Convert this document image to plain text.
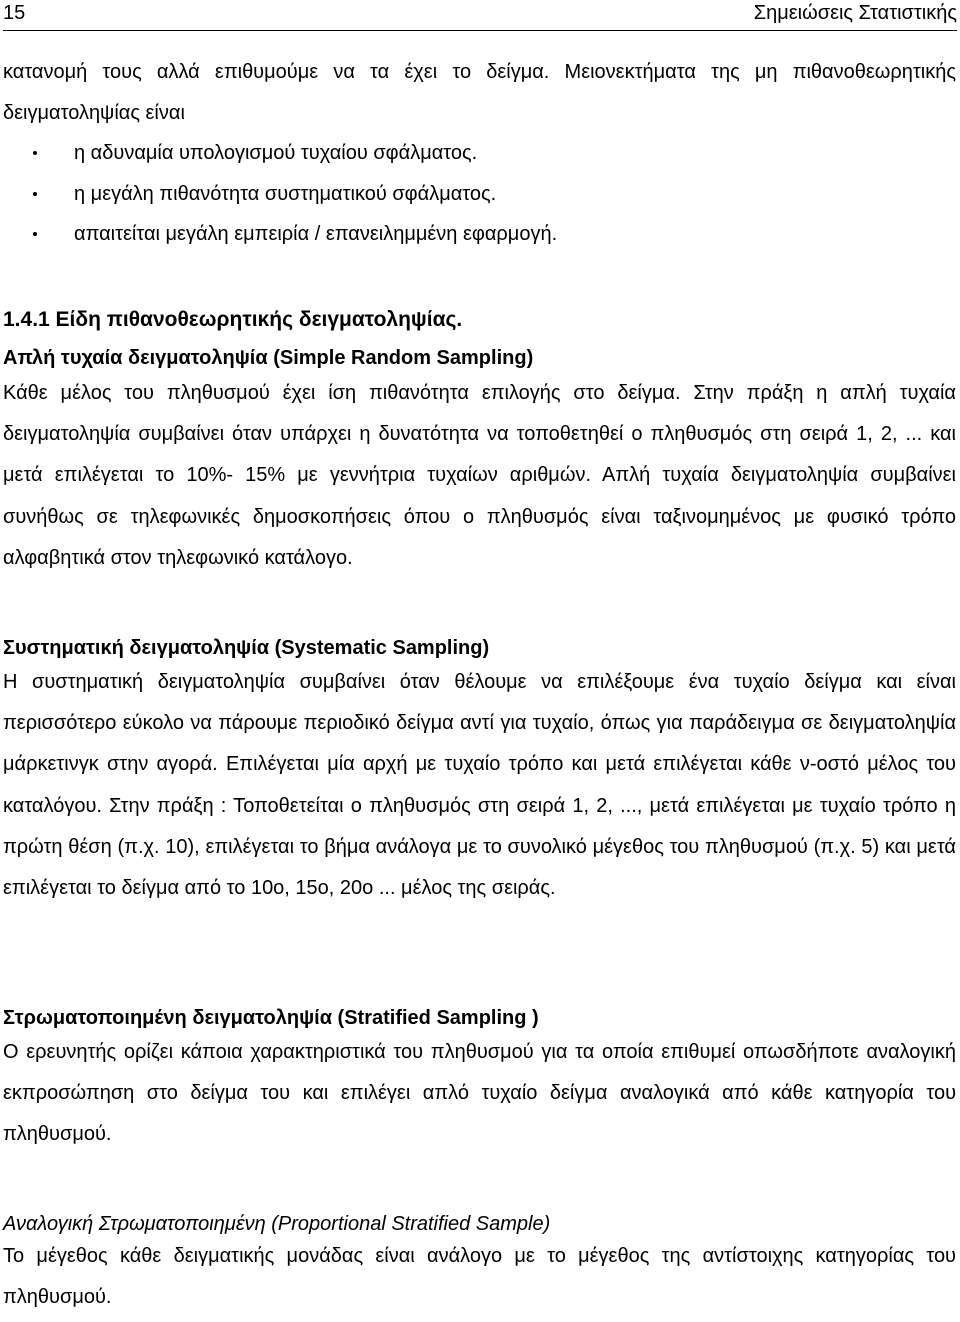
15	Σημειώσεις Στατιστικής

κατανομή τους αλλά επιθυμούμε να τα έχει το δείγμα. Μειονεκτήματα της μη πιθανοθεωρητικής δειγματοληψίας είναι

η αδυναμία υπολογισμού τυχαίου σφάλματος.
η μεγάλη πιθανότητα συστηματικού σφάλματος.
απαιτείται μεγάλη εμπειρία / επανειλημμένη εφαρμογή.
1.4.1 Είδη πιθανοθεωρητικής δειγματοληψίας.
Απλή τυχαία δειγματοληψία (Simple Random Sampling)

Κάθε μέλος του πληθυσμού έχει ίση πιθανότητα επιλογής στο δείγμα. Στην πράξη η απλή τυχαία δειγματοληψία συμβαίνει όταν υπάρχει η δυνατότητα να τοποθετηθεί ο πληθυσμός στη σειρά 1, 2, ... και μετά επιλέγεται το 10%- 15% με γεννήτρια τυχαίων αριθμών. Απλή τυχαία δειγματοληψία συμβαίνει συνήθως σε τηλεφωνικές δημοσκοπήσεις όπου ο πληθυσμός είναι ταξινομημένος με φυσικό τρόπο αλφαβητικά στον τηλεφωνικό κατάλογο.

Συστηματική δειγματοληψία (Systematic Sampling)

Η συστηματική δειγματοληψία συμβαίνει όταν θέλουμε να επιλέξουμε ένα τυχαίο δείγμα και είναι περισσότερο εύκολο να πάρουμε περιοδικό δείγμα αντί για τυχαίο, όπως για παράδειγμα σε δειγματοληψία μάρκετινγκ στην αγορά. Επιλέγεται μία αρχή με τυχαίο τρόπο και μετά επιλέγεται κάθε ν-οστό μέλος του καταλόγου. Στην πράξη : Τοποθετείται ο πληθυσμός στη σειρά 1, 2, ..., μετά επιλέγεται με τυχαίο τρόπο η πρώτη θέση (π.χ. 10), επιλέγεται το βήμα ανάλογα με το συνολικό μέγεθος του πληθυσμού (π.χ. 5) και μετά επιλέγεται το δείγμα από το 10ο, 15ο, 20ο ... μέλος της σειράς.

Στρωματοποιημένη δειγματοληψία (Stratified Sampling )

Ο ερευνητής ορίζει κάποια χαρακτηριστικά του πληθυσμού για τα οποία επιθυμεί οπωσδήποτε αναλογική εκπροσώπηση στο δείγμα του και επιλέγει απλό τυχαίο δείγμα αναλογικά από κάθε κατηγορία του πληθυσμού.

Αναλογική Στρωματοποιημένη (Proportional Stratified Sample)

Το μέγεθος κάθε δειγματικής μονάδας είναι ανάλογο με το μέγεθος της αντίστοιχης κατηγορίας του πληθυσμού.
